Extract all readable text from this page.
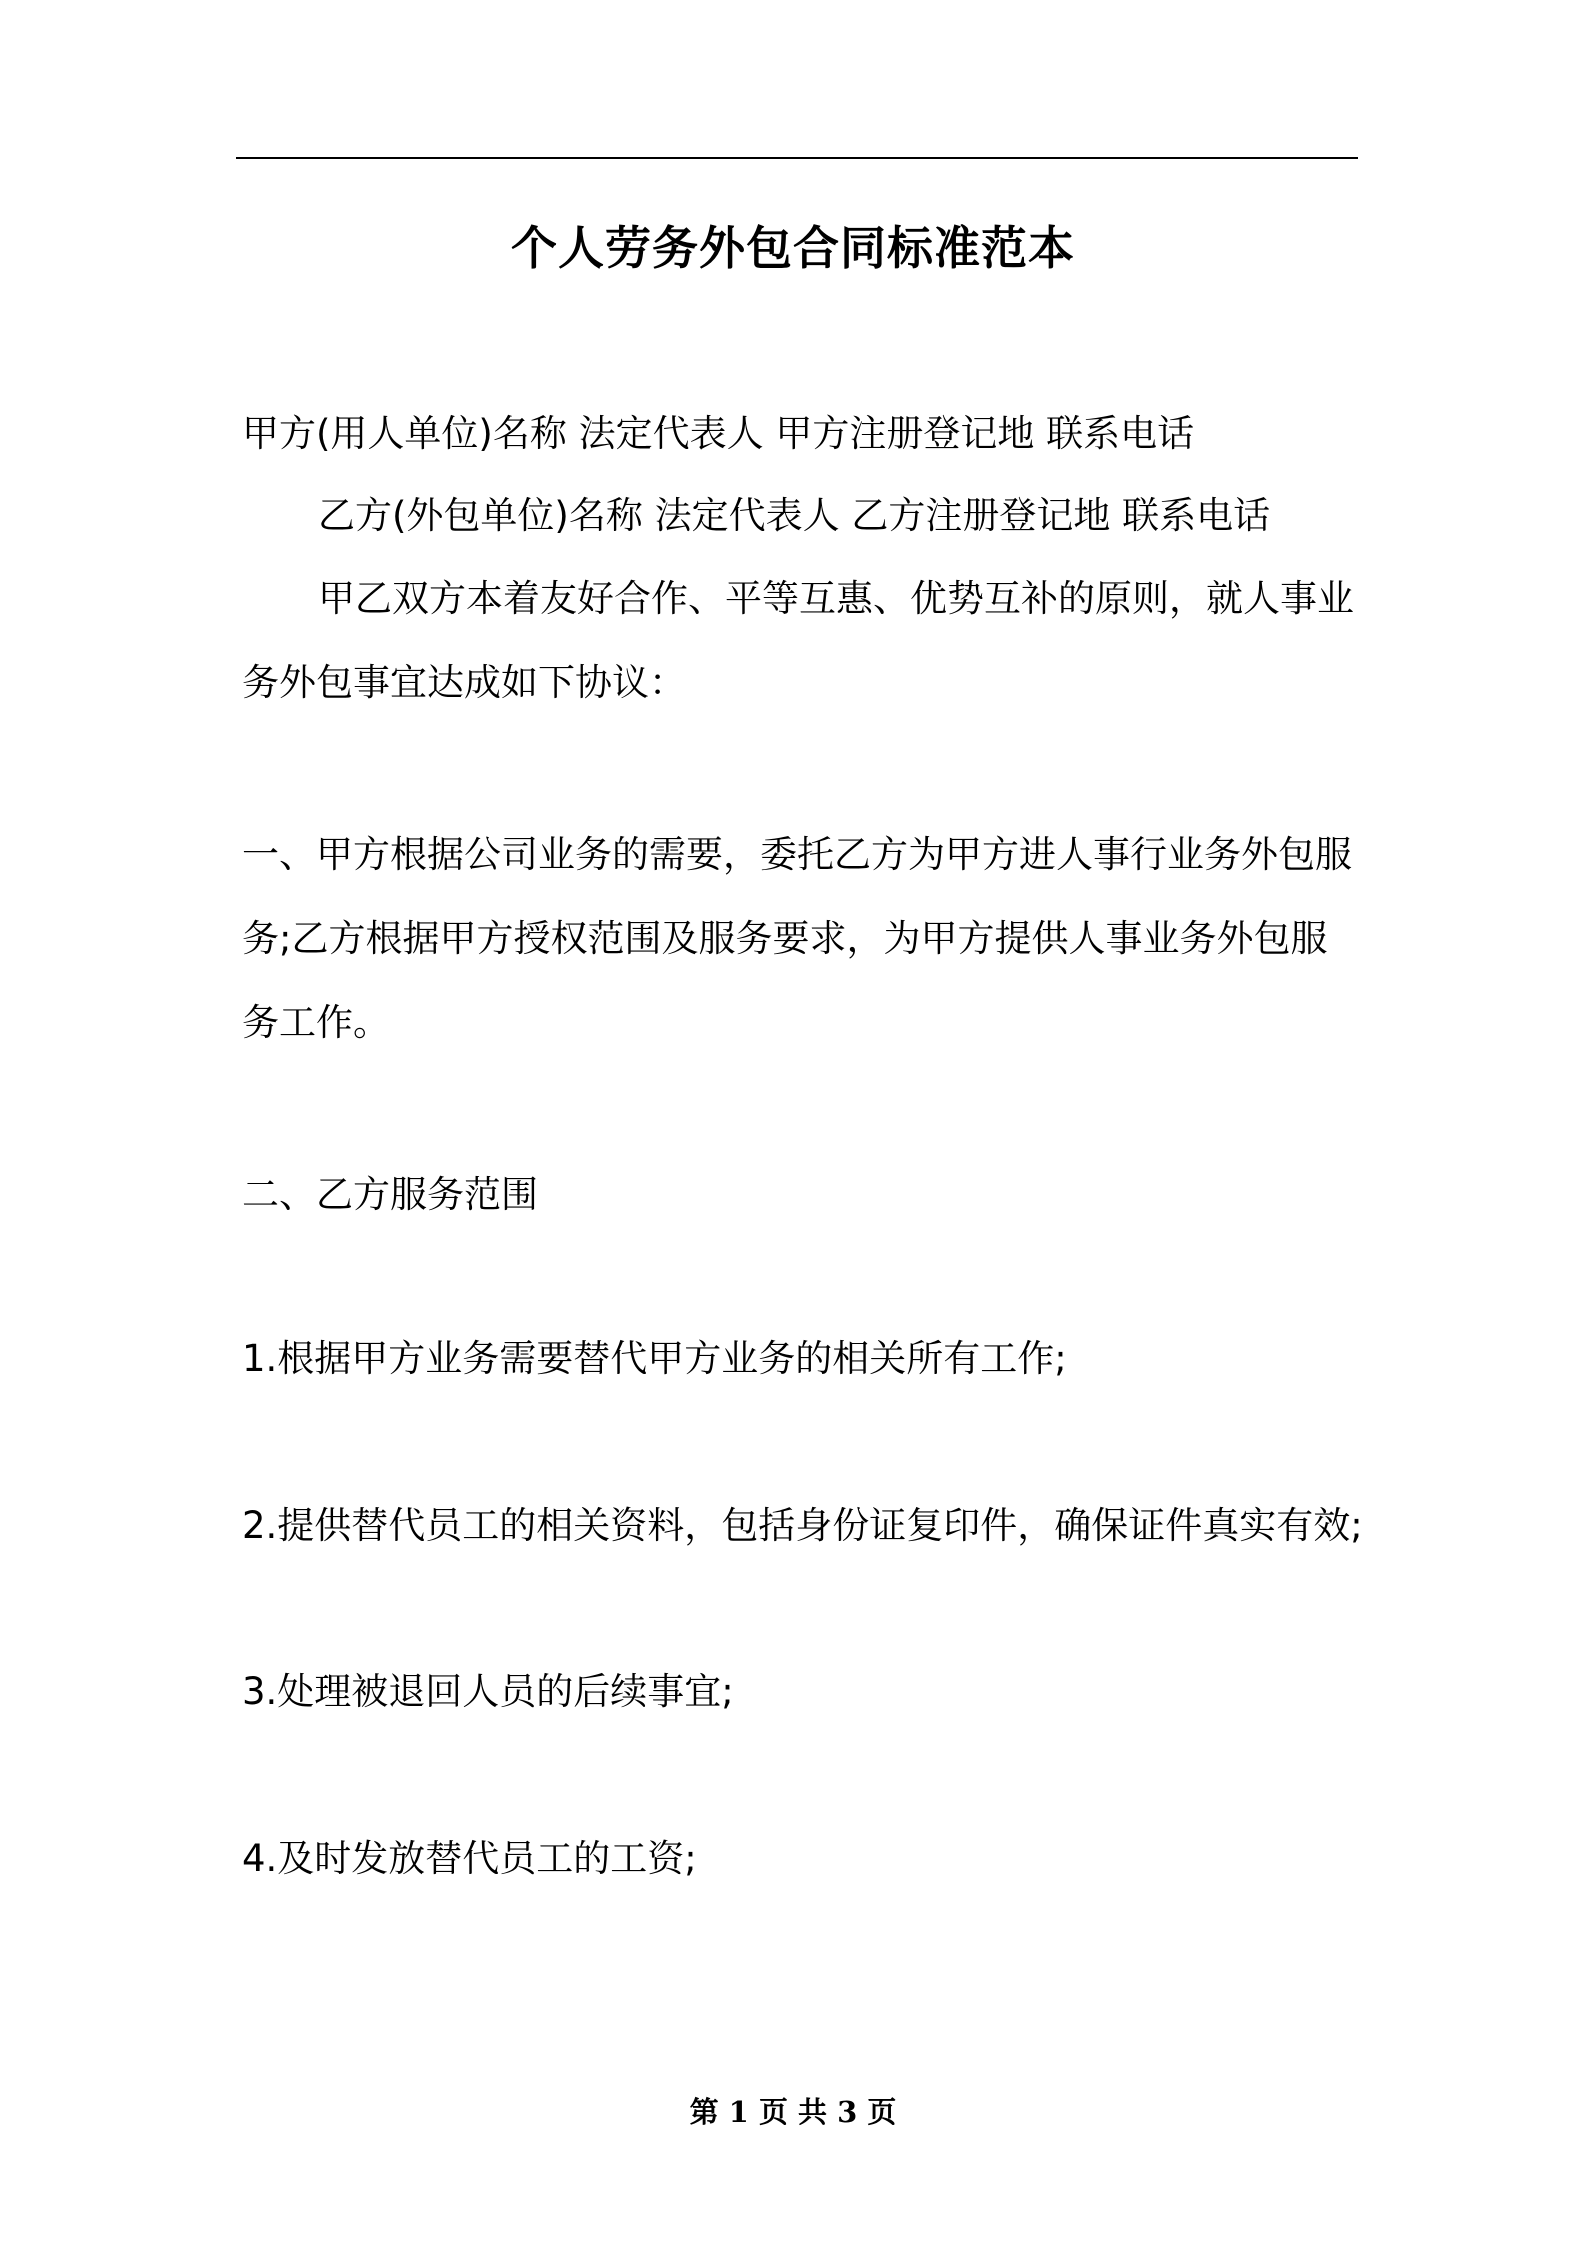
个人劳务外包合同标准范本
甲方(用人单位)名称 法定代表人 甲方注册登记地 联系电话
乙方(外包单位)名称 法定代表人 乙方注册登记地 联系电话
甲乙双方本着友好合作、平等互惠、优势互补的原则，就人事业
务外包事宜达成如下协议：
一、甲方根据公司业务的需要，委托乙方为甲方进人事行业务外包服
务;乙方根据甲方授权范围及服务要求，为甲方提供人事业务外包服
务工作。
二、乙方服务范围
1.根据甲方业务需要替代甲方业务的相关所有工作;
2.提供替代员工的相关资料，包括身份证复印件，确保证件真实有效;
3.处理被退回人员的后续事宜;
4.及时发放替代员工的工资;
第 1 页 共 3 页
